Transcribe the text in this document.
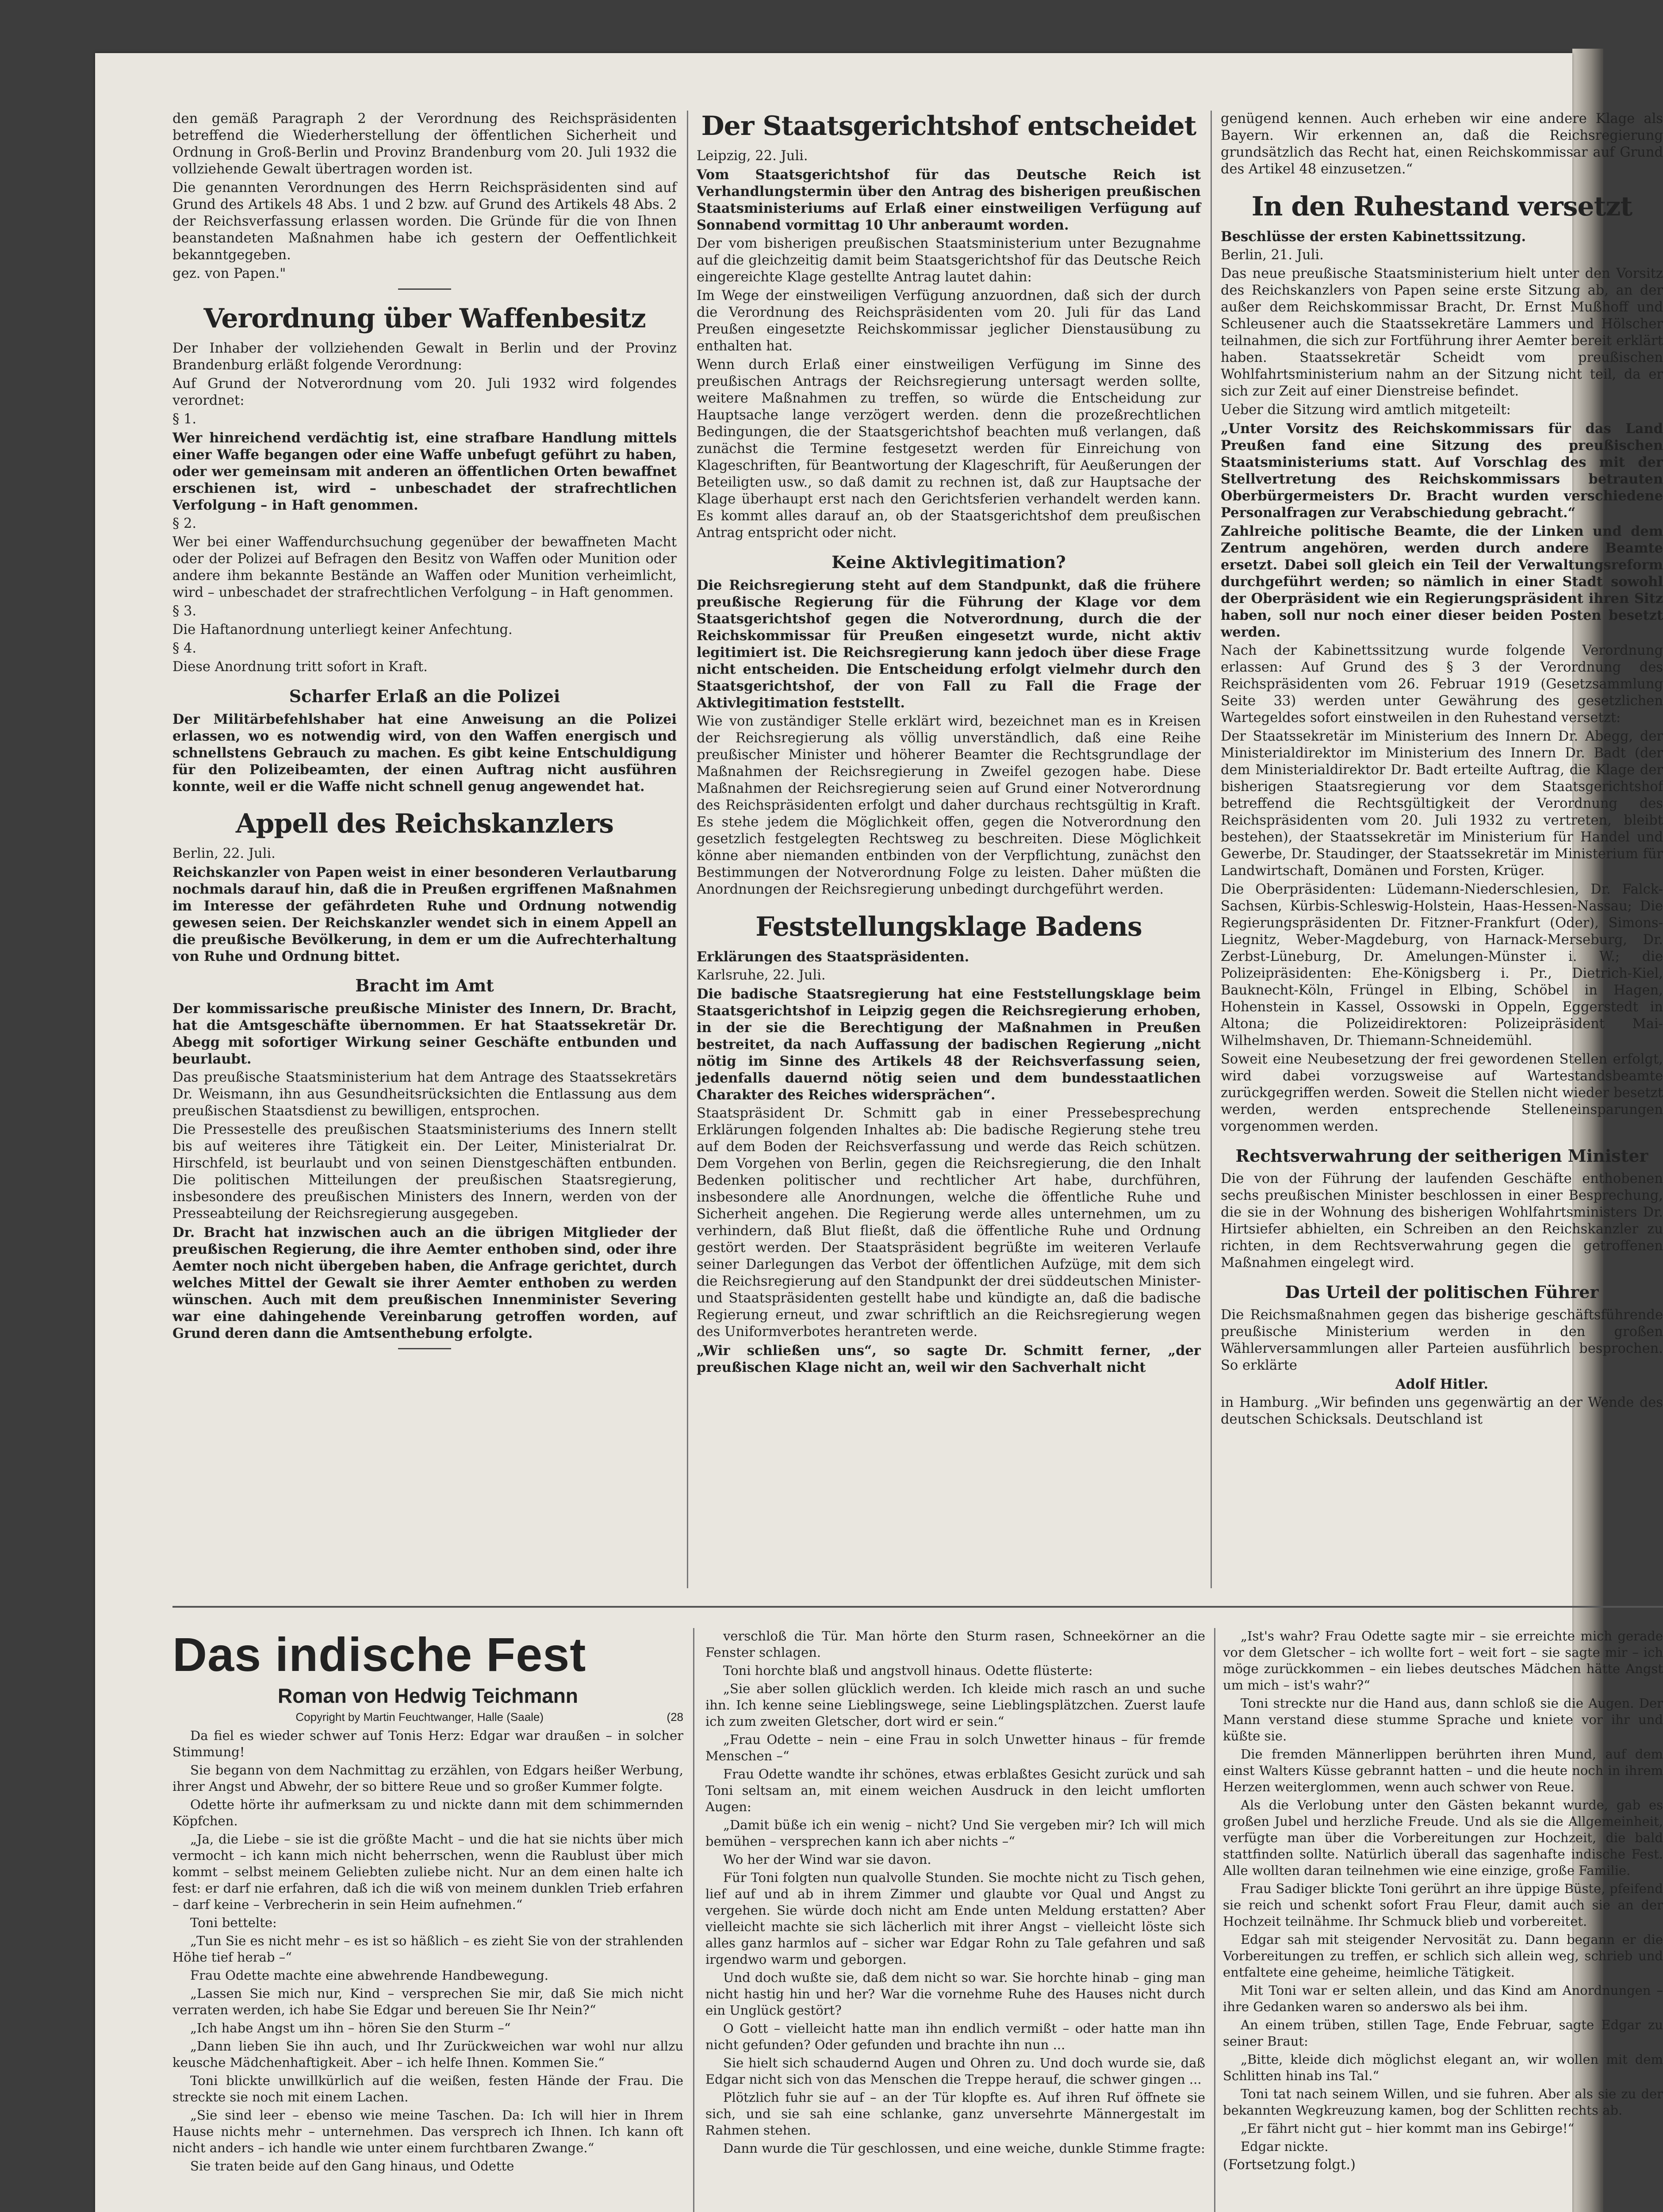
den gemäß Paragraph 2 der Verordnung des Reichspräsidenten betreffend die Wiederherstellung der öffentlichen Sicherheit und Ordnung in Groß-Berlin und Provinz Brandenburg vom 20. Juli 1932 die vollziehende Gewalt übertragen worden ist.

Die genannten Verordnungen des Herrn Reichspräsidenten sind auf Grund des Artikels 48 Abs. 1 und 2 bzw. auf Grund des Artikels 48 Abs. 2 der Reichsverfassung erlassen worden. Die Gründe für die von Ihnen beanstandeten Maßnahmen habe ich gestern der Oeffentlichkeit bekanntgegeben.

gez. von Papen."

Verordnung über Waffenbesitz

Der Inhaber der vollziehenden Gewalt in Berlin und der Provinz Brandenburg erläßt folgende Verordnung:

Auf Grund der Notverordnung vom 20. Juli 1932 wird folgendes verordnet:

§ 1.

Wer hinreichend verdächtig ist, eine strafbare Handlung mittels einer Waffe begangen oder eine Waffe unbefugt geführt zu haben, oder wer gemeinsam mit anderen an öffentlichen Orten bewaffnet erschienen ist, wird – unbeschadet der strafrechtlichen Verfolgung – in Haft genommen.

§ 2.

Wer bei einer Waffendurchsuchung gegenüber der bewaffneten Macht oder der Polizei auf Befragen den Besitz von Waffen oder Munition oder andere ihm bekannte Bestände an Waffen oder Munition verheimlicht, wird – unbeschadet der strafrechtlichen Verfolgung – in Haft genommen.

§ 3.

Die Haftanordnung unterliegt keiner Anfechtung.

§ 4.

Diese Anordnung tritt sofort in Kraft.

Scharfer Erlaß an die Polizei

Der Militärbefehlshaber hat eine Anweisung an die Polizei erlassen, wo es notwendig wird, von den Waffen energisch und schnellstens Gebrauch zu machen. Es gibt keine Entschuldigung für den Polizeibeamten, der einen Auftrag nicht ausführen konnte, weil er die Waffe nicht schnell genug angewendet hat.

Appell des Reichskanzlers

Berlin, 22. Juli.

Reichskanzler von Papen weist in einer besonderen Verlautbarung nochmals darauf hin, daß die in Preußen ergriffenen Maßnahmen im Interesse der gefährdeten Ruhe und Ordnung notwendig gewesen seien. Der Reichskanzler wendet sich in einem Appell an die preußische Bevölkerung, in dem er um die Aufrechterhaltung von Ruhe und Ordnung bittet.

Bracht im Amt

Der kommissarische preußische Minister des Innern, Dr. Bracht, hat die Amtsgeschäfte übernommen. Er hat Staatssekretär Dr. Abegg mit sofortiger Wirkung seiner Geschäfte entbunden und beurlaubt.

Das preußische Staatsministerium hat dem Antrage des Staatssekretärs Dr. Weismann, ihn aus Gesundheitsrücksichten die Entlassung aus dem preußischen Staatsdienst zu bewilligen, entsprochen.

Die Pressestelle des preußischen Staatsministeriums des Innern stellt bis auf weiteres ihre Tätigkeit ein. Der Leiter, Ministerialrat Dr. Hirschfeld, ist beurlaubt und von seinen Dienstgeschäften entbunden. Die politischen Mitteilungen der preußischen Staatsregierung, insbesondere des preußischen Ministers des Innern, werden von der Presseabteilung der Reichsregierung ausgegeben.

Dr. Bracht hat inzwischen auch an die übrigen Mitglieder der preußischen Regierung, die ihre Aemter enthoben sind, oder ihre Aemter noch nicht übergeben haben, die Anfrage gerichtet, durch welches Mittel der Gewalt sie ihrer Aemter enthoben zu werden wünschen. Auch mit dem preußischen Innenminister Severing war eine dahingehende Vereinbarung getroffen worden, auf Grund deren dann die Amtsenthebung erfolgte.

Der Staatsgerichtshof entscheidet

Leipzig, 22. Juli.

Vom Staatsgerichtshof für das Deutsche Reich ist Verhandlungstermin über den Antrag des bisherigen preußischen Staatsministeriums auf Erlaß einer einstweiligen Verfügung auf Sonnabend vormittag 10 Uhr anberaumt worden.

Der vom bisherigen preußischen Staatsministerium unter Bezugnahme auf die gleichzeitig damit beim Staatsgerichtshof für das Deutsche Reich eingereichte Klage gestellte Antrag lautet dahin:

Im Wege der einstweiligen Verfügung anzuordnen, daß sich der durch die Verordnung des Reichspräsidenten vom 20. Juli für das Land Preußen eingesetzte Reichskommissar jeglicher Dienstausübung zu enthalten hat.

Wenn durch Erlaß einer einstweiligen Verfügung im Sinne des preußischen Antrags der Reichsregierung untersagt werden sollte, weitere Maßnahmen zu treffen, so würde die Entscheidung zur Hauptsache lange verzögert werden. denn die prozeßrechtlichen Bedingungen, die der Staatsgerichtshof beachten muß verlangen, daß zunächst die Termine festgesetzt werden für Einreichung von Klageschriften, für Beantwortung der Klageschrift, für Aeußerungen der Beteiligten usw., so daß damit zu rechnen ist, daß zur Hauptsache der Klage überhaupt erst nach den Gerichtsferien verhandelt werden kann. Es kommt alles darauf an, ob der Staatsgerichtshof dem preußischen Antrag entspricht oder nicht.

Keine Aktivlegitimation?

Die Reichsregierung steht auf dem Standpunkt, daß die frühere preußische Regierung für die Führung der Klage vor dem Staatsgerichtshof gegen die Notverordnung, durch die der Reichskommissar für Preußen eingesetzt wurde, nicht aktiv legitimiert ist. Die Reichsregierung kann jedoch über diese Frage nicht entscheiden. Die Entscheidung erfolgt vielmehr durch den Staatsgerichtshof, der von Fall zu Fall die Frage der Aktivlegitimation feststellt.

Wie von zuständiger Stelle erklärt wird, bezeichnet man es in Kreisen der Reichsregierung als völlig unverständlich, daß eine Reihe preußischer Minister und höherer Beamter die Rechtsgrundlage der Maßnahmen der Reichsregierung in Zweifel gezogen habe. Diese Maßnahmen der Reichsregierung seien auf Grund einer Notverordnung des Reichspräsidenten erfolgt und daher durchaus rechtsgültig in Kraft. Es stehe jedem die Möglichkeit offen, gegen die Notverordnung den gesetzlich festgelegten Rechtsweg zu beschreiten. Diese Möglichkeit könne aber niemanden entbinden von der Verpflichtung, zunächst den Bestimmungen der Notverordnung Folge zu leisten. Daher müßten die Anordnungen der Reichsregierung unbedingt durchgeführt werden.

Feststellungsklage Badens

Erklärungen des Staatspräsidenten.

Karlsruhe, 22. Juli.

Die badische Staatsregierung hat eine Feststellungsklage beim Staatsgerichtshof in Leipzig gegen die Reichsregierung erhoben, in der sie die Berechtigung der Maßnahmen in Preußen bestreitet, da nach Auffassung der badischen Regierung „nicht nötig im Sinne des Artikels 48 der Reichsverfassung seien, jedenfalls dauernd nötig seien und dem bundesstaatlichen Charakter des Reiches widersprächen“.

Staatspräsident Dr. Schmitt gab in einer Pressebesprechung Erklärungen folgenden Inhaltes ab: Die badische Regierung stehe treu auf dem Boden der Reichsverfassung und werde das Reich schützen. Dem Vorgehen von Berlin, gegen die Reichsregierung, die den Inhalt Bedenken politischer und rechtlicher Art habe, durchführen, insbesondere alle Anordnungen, welche die öffentliche Ruhe und Sicherheit angehen. Die Regierung werde alles unternehmen, um zu verhindern, daß Blut fließt, daß die öffentliche Ruhe und Ordnung gestört werden. Der Staatspräsident begrüßte im weiteren Verlaufe seiner Darlegungen das Verbot der öffentlichen Aufzüge, mit dem sich die Reichsregierung auf den Standpunkt der drei süddeutschen Minister- und Staatspräsidenten gestellt habe und kündigte an, daß die badische Regierung erneut, und zwar schriftlich an die Reichsregierung wegen des Uniformverbotes herantreten werde.

„Wir schließen uns“, so sagte Dr. Schmitt ferner, „der preußischen Klage nicht an, weil wir den Sachverhalt nicht

genügend kennen. Auch erheben wir eine andere Klage als Bayern. Wir erkennen an, daß die Reichsregierung grundsätzlich das Recht hat, einen Reichskommissar auf Grund des Artikel 48 einzusetzen.“

In den Ruhestand versetzt

Beschlüsse der ersten Kabinettssitzung.

Berlin, 21. Juli.

Das neue preußische Staatsministerium hielt unter den Vorsitz des Reichskanzlers von Papen seine erste Sitzung ab, an der außer dem Reichskommissar Bracht, Dr. Ernst Mußhoff und Schleusener auch die Staatssekretäre Lammers und Hölscher teilnahmen, die sich zur Fortführung ihrer Aemter bereit erklärt haben. Staatssekretär Scheidt vom preußischen Wohlfahrtsministerium nahm an der Sitzung nicht teil, da er sich zur Zeit auf einer Dienstreise befindet.

Ueber die Sitzung wird amtlich mitgeteilt:

„Unter Vorsitz des Reichskommissars für das Land Preußen fand eine Sitzung des preußischen Staatsministeriums statt. Auf Vorschlag des mit der Stellvertretung des Reichskommissars betrauten Oberbürgermeisters Dr. Bracht wurden verschiedene Personalfragen zur Verabschiedung gebracht.“

Zahlreiche politische Beamte, die der Linken und dem Zentrum angehören, werden durch andere Beamte ersetzt. Dabei soll gleich ein Teil der Verwaltungsreform durchgeführt werden; so nämlich in einer Stadt sowohl der Oberpräsident wie ein Regierungspräsident ihren Sitz haben, soll nur noch einer dieser beiden Posten besetzt werden.

Nach der Kabinettssitzung wurde folgende Verordnung erlassen: Auf Grund des § 3 der Verordnung des Reichspräsidenten vom 26. Februar 1919 (Gesetzsammlung Seite 33) werden unter Gewährung des gesetzlichen Wartegeldes sofort einstweilen in den Ruhestand versetzt:

Der Staatssekretär im Ministerium des Innern Dr. Abegg, der Ministerialdirektor im Ministerium des Innern Dr. Badt (der dem Ministerialdirektor Dr. Badt erteilte Auftrag, die Klage der bisherigen Staatsregierung vor dem Staatsgerichtshof betreffend die Rechtsgültigkeit der Verordnung des Reichspräsidenten vom 20. Juli 1932 zu vertreten, bleibt bestehen), der Staatssekretär im Ministerium für Handel und Gewerbe, Dr. Staudinger, der Staatssekretär im Ministerium für Landwirtschaft, Domänen und Forsten, Krüger.

Die Oberpräsidenten: Lüdemann-Niederschlesien, Dr. Falck-Sachsen, Kürbis-Schleswig-Holstein, Haas-Hessen-Nassau; Die Regierungspräsidenten Dr. Fitzner-Frankfurt (Oder), Simons-Liegnitz, Weber-Magdeburg, von Harnack-Merseburg, Dr. Zerbst-Lüneburg, Dr. Amelungen-Münster i. W.; die Polizeipräsidenten: Ehe-Königsberg i. Pr., Dietrich-Kiel, Bauknecht-Köln, Früngel in Elbing, Schöbel in Hagen, Hohenstein in Kassel, Ossowski in Oppeln, Eggerstedt in Altona; die Polizeidirektoren: Polizeipräsident Mai-Wilhelmshaven, Dr. Thiemann-Schneidemühl.

Soweit eine Neubesetzung der frei gewordenen Stellen erfolgt, wird dabei vorzugsweise auf Wartestandsbeamte zurückgegriffen werden. Soweit die Stellen nicht wieder besetzt werden, werden entsprechende Stelleneinsparungen vorgenommen werden.

Rechtsverwahrung der seitherigen Minister

Die von der Führung der laufenden Geschäfte enthobenen sechs preußischen Minister beschlossen in einer Besprechung, die sie in der Wohnung des bisherigen Wohlfahrtsministers Dr. Hirtsiefer abhielten, ein Schreiben an den Reichskanzler zu richten, in dem Rechtsverwahrung gegen die getroffenen Maßnahmen eingelegt wird.

Das Urteil der politischen Führer

Die Reichsmaßnahmen gegen das bisherige geschäftsführende preußische Ministerium werden in den großen Wählerversammlungen aller Parteien ausführlich besprochen. So erklärte

Adolf Hitler.

in Hamburg. „Wir befinden uns gegenwärtig an der Wende des deutschen Schicksals. Deutschland ist

Das indische Fest
Roman von Hedwig Teichmann
Copyright by Martin Feuchtwanger, Halle (Saale)	(28

Da fiel es wieder schwer auf Tonis Herz: Edgar war draußen – in solcher Stimmung!

Sie begann von dem Nachmittag zu erzählen, von Edgars heißer Werbung, ihrer Angst und Abwehr, der so bittere Reue und so großer Kummer folgte.

Odette hörte ihr aufmerksam zu und nickte dann mit dem schimmernden Köpfchen.

„Ja, die Liebe – sie ist die größte Macht – und die hat sie nichts über mich vermocht – ich kann mich nicht beherrschen, wenn die Raublust über mich kommt – selbst meinem Geliebten zuliebe nicht. Nur an dem einen halte ich fest: er darf nie erfahren, daß ich die wiß von meinem dunklen Trieb erfahren – darf keine – Verbrecherin in sein Heim aufnehmen.“

Toni bettelte:

„Tun Sie es nicht mehr – es ist so häßlich – es zieht Sie von der strahlenden Höhe tief herab –“

Frau Odette machte eine abwehrende Handbewegung.

„Lassen Sie mich nur, Kind – versprechen Sie mir, daß Sie mich nicht verraten werden, ich habe Sie Edgar und bereuen Sie Ihr Nein?“

„Ich habe Angst um ihn – hören Sie den Sturm –“

„Dann lieben Sie ihn auch, und Ihr Zurückweichen war wohl nur allzu keusche Mädchenhaftigkeit. Aber – ich helfe Ihnen. Kommen Sie.“

Toni blickte unwillkürlich auf die weißen, festen Hände der Frau. Die streckte sie noch mit einem Lachen.

„Sie sind leer – ebenso wie meine Taschen. Da: Ich will hier in Ihrem Hause nichts mehr – unternehmen. Das versprech ich Ihnen. Ich kann oft nicht anders – ich handle wie unter einem furchtbaren Zwange.“

Sie traten beide auf den Gang hinaus, und Odette

verschloß die Tür. Man hörte den Sturm rasen, Schneekörner an die Fenster schlagen.

Toni horchte blaß und angstvoll hinaus. Odette flüsterte:

„Sie aber sollen glücklich werden. Ich kleide mich rasch an und suche ihn. Ich kenne seine Lieblingswege, seine Lieblingsplätzchen. Zuerst laufe ich zum zweiten Gletscher, dort wird er sein.“

„Frau Odette – nein – eine Frau in solch Unwetter hinaus – für fremde Menschen –“

Frau Odette wandte ihr schönes, etwas erblaßtes Gesicht zurück und sah Toni seltsam an, mit einem weichen Ausdruck in den leicht umflorten Augen:

„Damit büße ich ein wenig – nicht? Und Sie vergeben mir? Ich will mich bemühen – versprechen kann ich aber nichts –“

Wo her der Wind war sie davon.

Für Toni folgten nun qualvolle Stunden. Sie mochte nicht zu Tisch gehen, lief auf und ab in ihrem Zimmer und glaubte vor Qual und Angst zu vergehen. Sie würde doch nicht am Ende unten Meldung erstatten? Aber vielleicht machte sie sich lächerlich mit ihrer Angst – vielleicht löste sich alles ganz harmlos auf – sicher war Edgar Rohn zu Tale gefahren und saß irgendwo warm und geborgen.

Und doch wußte sie, daß dem nicht so war. Sie horchte hinab – ging man nicht hastig hin und her? War die vornehme Ruhe des Hauses nicht durch ein Unglück gestört?

O Gott – vielleicht hatte man ihn endlich vermißt – oder hatte man ihn nicht gefunden? Oder gefunden und brachte ihn nun ...

Sie hielt sich schaudernd Augen und Ohren zu. Und doch wurde sie, daß Edgar nicht sich von das Menschen die Treppe herauf, die schwer gingen ...

Plötzlich fuhr sie auf – an der Tür klopfte es. Auf ihren Ruf öffnete sie sich, und sie sah eine schlanke, ganz unversehrte Männergestalt im Rahmen stehen.

Dann wurde die Tür geschlossen, und eine weiche, dunkle Stimme fragte:

„Ist's wahr? Frau Odette sagte mir – sie erreichte mich gerade vor dem Gletscher – ich wollte fort – weit fort – sie sagte mir – ich möge zurückkommen – ein liebes deutsches Mädchen hätte Angst um mich – ist's wahr?“

Toni streckte nur die Hand aus, dann schloß sie die Augen. Der Mann verstand diese stumme Sprache und kniete vor ihr und küßte sie.

Die fremden Männerlippen berührten ihren Mund, auf dem einst Walters Küsse gebrannt hatten – und die heute noch in ihrem Herzen weiterglommen, wenn auch schwer von Reue.

Als die Verlobung unter den Gästen bekannt wurde, gab es großen Jubel und herzliche Freude. Und als sie die Allgemeinheit, verfügte man über die Vorbereitungen zur Hochzeit, die bald stattfinden sollte. Natürlich überall das sagenhafte indische Fest. Alle wollten daran teilnehmen wie eine einzige, große Familie.

Frau Sadiger blickte Toni gerührt an ihre üppige Büste, pfeifend sie reich und schenkt sofort Frau Fleur, damit auch sie an der Hochzeit teilnähme. Ihr Schmuck blieb und vorbereitet.

Edgar sah mit steigender Nervosität zu. Dann begann er die Vorbereitungen zu treffen, er schlich sich allein weg, schrieb und entfaltete eine geheime, heimliche Tätigkeit.

Mit Toni war er selten allein, und das Kind am Anordnungen – ihre Gedanken waren so anderswo als bei ihm.

An einem trüben, stillen Tage, Ende Februar, sagte Edgar zu seiner Braut:

„Bitte, kleide dich möglichst elegant an, wir wollen mit dem Schlitten hinab ins Tal.“

Toni tat nach seinem Willen, und sie fuhren. Aber als sie zu der bekannten Wegkreuzung kamen, bog der Schlitten rechts ab.

„Er fährt nicht gut – hier kommt man ins Gebirge!“

Edgar nickte.

(Fortsetzung folgt.)
